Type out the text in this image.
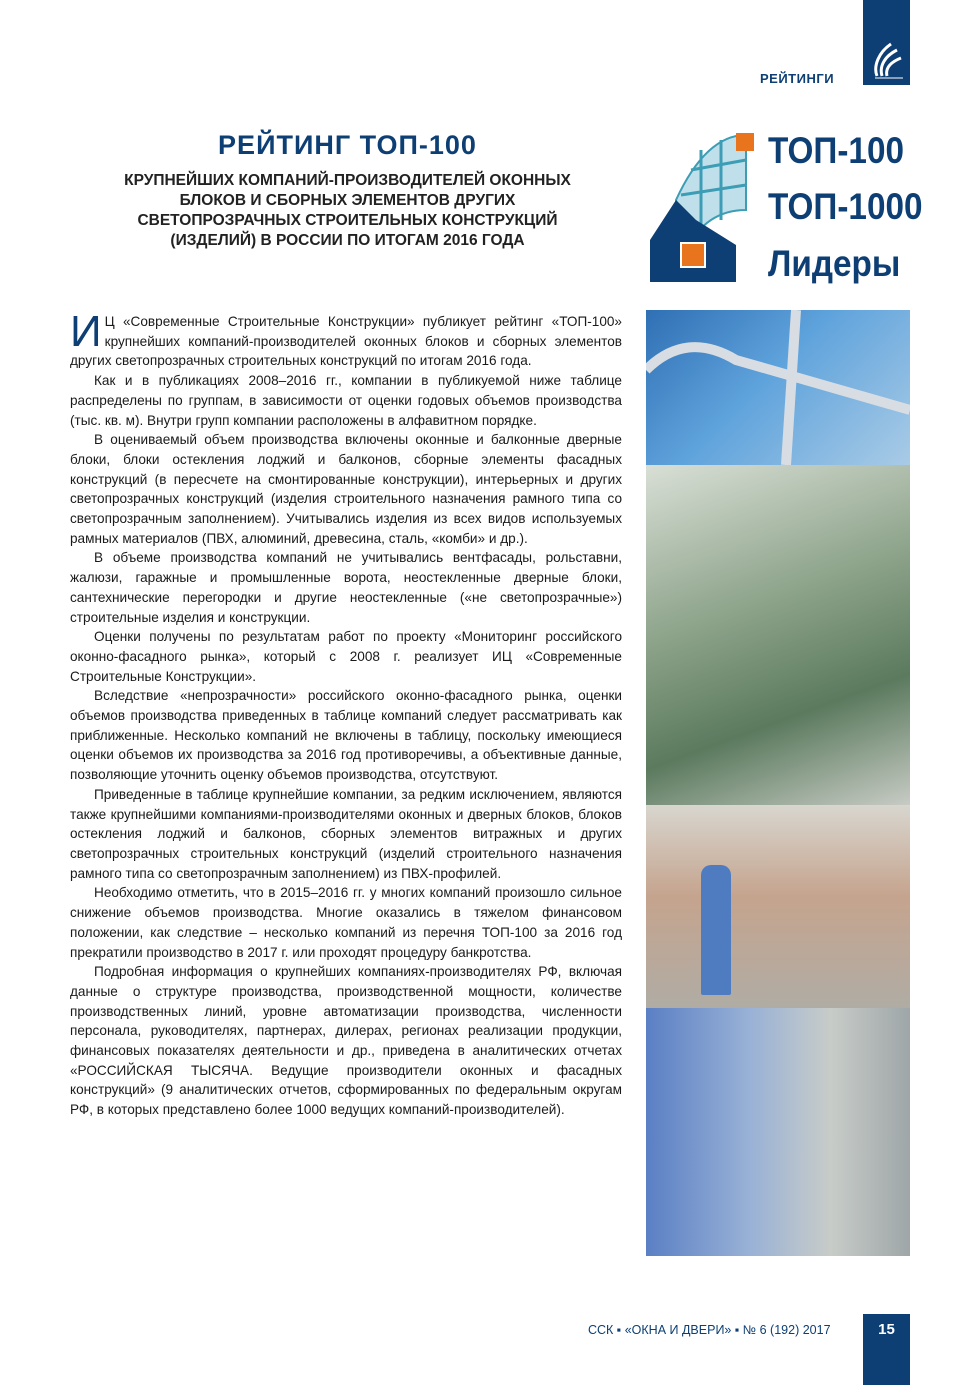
РЕЙТИНГИ
РЕЙТИНГ ТОП-100
КРУПНЕЙШИХ КОМПАНИЙ-ПРОИЗВОДИТЕЛЕЙ ОКОННЫХ БЛОКОВ И СБОРНЫХ ЭЛЕМЕНТОВ ДРУГИХ СВЕТОПРОЗРАЧНЫХ СТРОИТЕЛЬНЫХ КОНСТРУКЦИЙ (ИЗДЕЛИЙ) В РОССИИ ПО ИТОГАМ 2016 ГОДА
ТОП-100
ТОП-1000
Лидеры

И Ц «Современные Строительные Конструкции» публикует рейтинг «ТОП-100» крупнейших компаний-производителей оконных блоков и сборных элементов других светопрозрачных строительных конструкций по итогам 2016 года.

Как и в публикациях 2008–2016 гг., компании в публикуемой ниже таблице распределены по группам, в зависимости от оценки годовых объемов производства (тыс. кв. м). Внутри групп компании расположены в алфавитном порядке.

В оцениваемый объем производства включены оконные и балконные дверные блоки, блоки остекления лоджий и балконов, сборные элементы фасадных конструкций (в пересчете на смонтированные конструкции), интерьерных и других светопрозрачных конструкций (изделия строительного назначения рамного типа со светопрозрачным заполнением). Учитывались изделия из всех видов используемых рамных материалов (ПВХ, алюминий, древесина, сталь, «комби» и др.).

В объеме производства компаний не учитывались вентфасады, рольставни, жалюзи, гаражные и промышленные ворота, неостекленные дверные блоки, сантехнические перегородки и другие неостекленные («не светопрозрачные») строительные изделия и конструкции.

Оценки получены по результатам работ по проекту «Мониторинг российского оконно-фасадного рынка», который с 2008 г. реализует ИЦ «Современные Строительные Конструкции».

Вследствие «непрозрачности» российского оконно-фасадного рынка, оценки объемов производства приведенных в таблице компаний следует рассматривать как приближенные. Несколько компаний не включены в таблицу, поскольку имеющиеся оценки объемов их производства за 2016 год противоречивы, а объективные данные, позволяющие уточнить оценку объемов производства, отсутствуют.

Приведенные в таблице крупнейшие компании, за редким исключением, являются также крупнейшими компаниями-производителями оконных и дверных блоков, блоков остекления лоджий и балконов, сборных элементов витражных и других светопрозрачных строительных конструкций (изделий строительного назначения рамного типа со светопрозрачным заполнением) из ПВХ-профилей.

Необходимо отметить, что в 2015–2016 гг. у многих компаний произошло сильное снижение объемов производства. Многие оказались в тяжелом финансовом положении, как следствие – несколько компаний из перечня ТОП-100 за 2016 год прекратили производство в 2017 г. или проходят процедуру банкротства.

Подробная информация о крупнейших компаниях-производителях РФ, включая данные о структуре производства, производственной мощности, количестве производственных линий, уровне автоматизации производства, численности персонала, руководителях, партнерах, дилерах, регионах реализации продукции, финансовых показателях деятельности и др., приведена в аналитических отчетах «РОССИЙСКАЯ ТЫСЯЧА. Ведущие производители оконных и фасадных конструкций» (9 аналитических отчетов, сформированных по федеральным округам РФ, в которых представлено более 1000 ведущих компаний-производителей).

ССК ▪ «ОКНА И ДВЕРИ» ▪ № 6 (192) 2017	15
